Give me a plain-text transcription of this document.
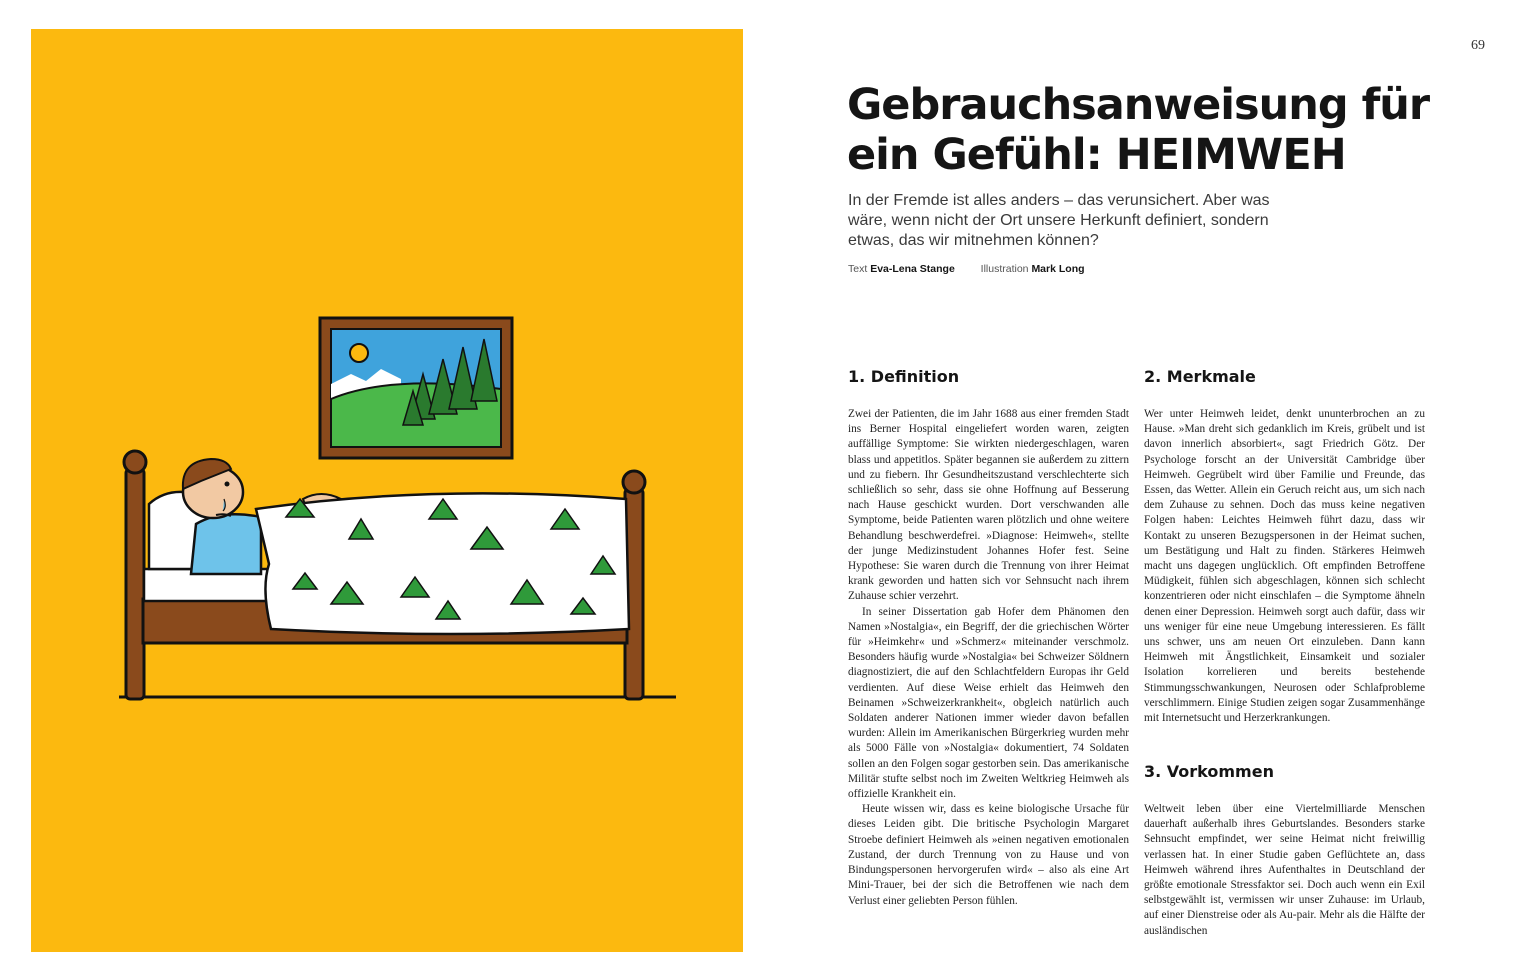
69
Gebrauchsanweisung für ein Gefühl: HEIMWEH

In der Fremde ist alles anders – das verunsichert. Aber was wäre, wenn nicht der Ort unsere Herkunft definiert, sondern etwas, das wir mitnehmen können?

Text Eva-Lena Stange Illustration Mark Long
1. Definition

Zwei der Patienten, die im Jahr 1688 aus einer fremden Stadt ins Berner Hospital eingeliefert worden waren, zeigten auffällige Symptome: Sie wirkten niedergeschlagen, waren blass und appetitlos. Später begannen sie außerdem zu zittern und zu fiebern. Ihr Gesundheitszustand verschlechterte sich schließlich so sehr, dass sie ohne Hoffnung auf Besserung nach Hause geschickt wurden. Dort verschwanden alle Symptome, beide Patienten waren plötzlich und ohne weitere Behandlung beschwerdefrei. »Diagnose: Heimweh«, stellte der junge Medizinstudent Johannes Hofer fest. Seine Hypothese: Sie waren durch die Trennung von ihrer Heimat krank geworden und hatten sich vor Sehnsucht nach ihrem Zuhause schier verzehrt.

In seiner Dissertation gab Hofer dem Phänomen den Namen »Nostalgia«, ein Begriff, der die griechischen Wörter für »Heimkehr« und »Schmerz« miteinander verschmolz. Besonders häufig wurde »Nostalgia« bei Schweizer Söldnern diagnostiziert, die auf den Schlachtfeldern Europas ihr Geld verdienten. Auf diese Weise erhielt das Heimweh den Beinamen »Schweizerkrankheit«, obgleich natürlich auch Soldaten anderer Nationen immer wieder davon befallen wurden: Allein im Amerikanischen Bürgerkrieg wurden mehr als 5000 Fälle von »Nostalgia« dokumentiert, 74 Soldaten sollen an den Folgen sogar gestorben sein. Das amerikanische Militär stufte selbst noch im Zweiten Weltkrieg Heimweh als offizielle Krankheit ein.

Heute wissen wir, dass es keine biologische Ursache für dieses Leiden gibt. Die britische Psychologin Margaret Stroebe definiert Heimweh als »einen negativen emotionalen Zustand, der durch Trennung von zu Hause und von Bindungspersonen hervorgerufen wird« – also als eine Art Mini-Trauer, bei der sich die Betroffenen wie nach dem Verlust einer geliebten Person fühlen.

2. Merkmale

Wer unter Heimweh leidet, denkt ununterbrochen an zu Hause. »Man dreht sich gedanklich im Kreis, grübelt und ist davon innerlich absorbiert«, sagt Friedrich Götz. Der Psychologe forscht an der Universität Cambridge über Heimweh. Gegrübelt wird über Familie und Freunde, das Essen, das Wetter. Allein ein Geruch reicht aus, um sich nach dem Zuhause zu sehnen. Doch das muss keine negativen Folgen haben: Leichtes Heimweh führt dazu, dass wir Kontakt zu unseren Bezugspersonen in der Heimat suchen, um Bestätigung und Halt zu finden. Stärkeres Heimweh macht uns dagegen unglücklich. Oft empfinden Betroffene Müdigkeit, fühlen sich abgeschlagen, können sich schlecht konzentrieren oder nicht einschlafen – die Symptome ähneln denen einer Depression. Heimweh sorgt auch dafür, dass wir uns weniger für eine neue Umgebung interessieren. Es fällt uns schwer, uns am neuen Ort einzuleben. Dann kann Heimweh mit Ängstlichkeit, Einsamkeit und sozialer Isolation korrelieren und bereits bestehende Stimmungsschwankungen, Neurosen oder Schlafprobleme verschlimmern. Einige Studien zeigen sogar Zusammenhänge mit Internetsucht und Herzerkrankungen.

3. Vorkommen

Weltweit leben über eine Viertelmilliarde Menschen dauerhaft außerhalb ihres Geburtslandes. Besonders starke Sehnsucht empfindet, wer seine Heimat nicht freiwillig verlassen hat. In einer Studie gaben Geflüchtete an, dass Heimweh während ihres Aufenthaltes in Deutschland der größte emotionale Stressfaktor sei. Doch auch wenn ein Exil selbstgewählt ist, vermissen wir unser Zuhause: im Urlaub, auf einer Dienstreise oder als Au-pair. Mehr als die Hälfte der ausländischen
